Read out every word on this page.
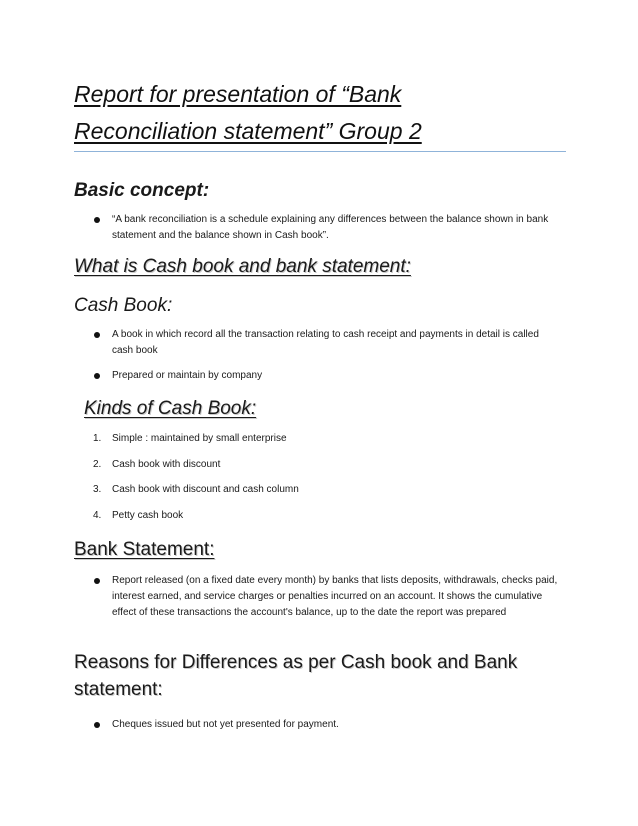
Report for presentation of “Bank
Reconciliation statement” Group 2
Basic concept:
“A bank reconciliation is a schedule explaining any differences between the balance shown in bank statement and the balance shown in Cash book”.
What is Cash book and bank statement:
Cash Book:
A book in which record all the transaction relating to cash receipt and payments in detail is called cash book
Prepared or maintain by company
Kinds of Cash Book:
1.	Simple : maintained by small enterprise
2.	Cash book with discount
3.	Cash book with discount and cash column
4.	Petty cash book
Bank Statement:
Report released (on a fixed date every month) by banks that lists deposits, withdrawals, checks paid, interest earned, and service charges or penalties incurred on an account. It shows the cumulative effect of these transactions the account's balance, up to the date the report was prepared
Reasons for Differences as per Cash book and Bank statement:
Cheques issued but not yet presented for payment.
